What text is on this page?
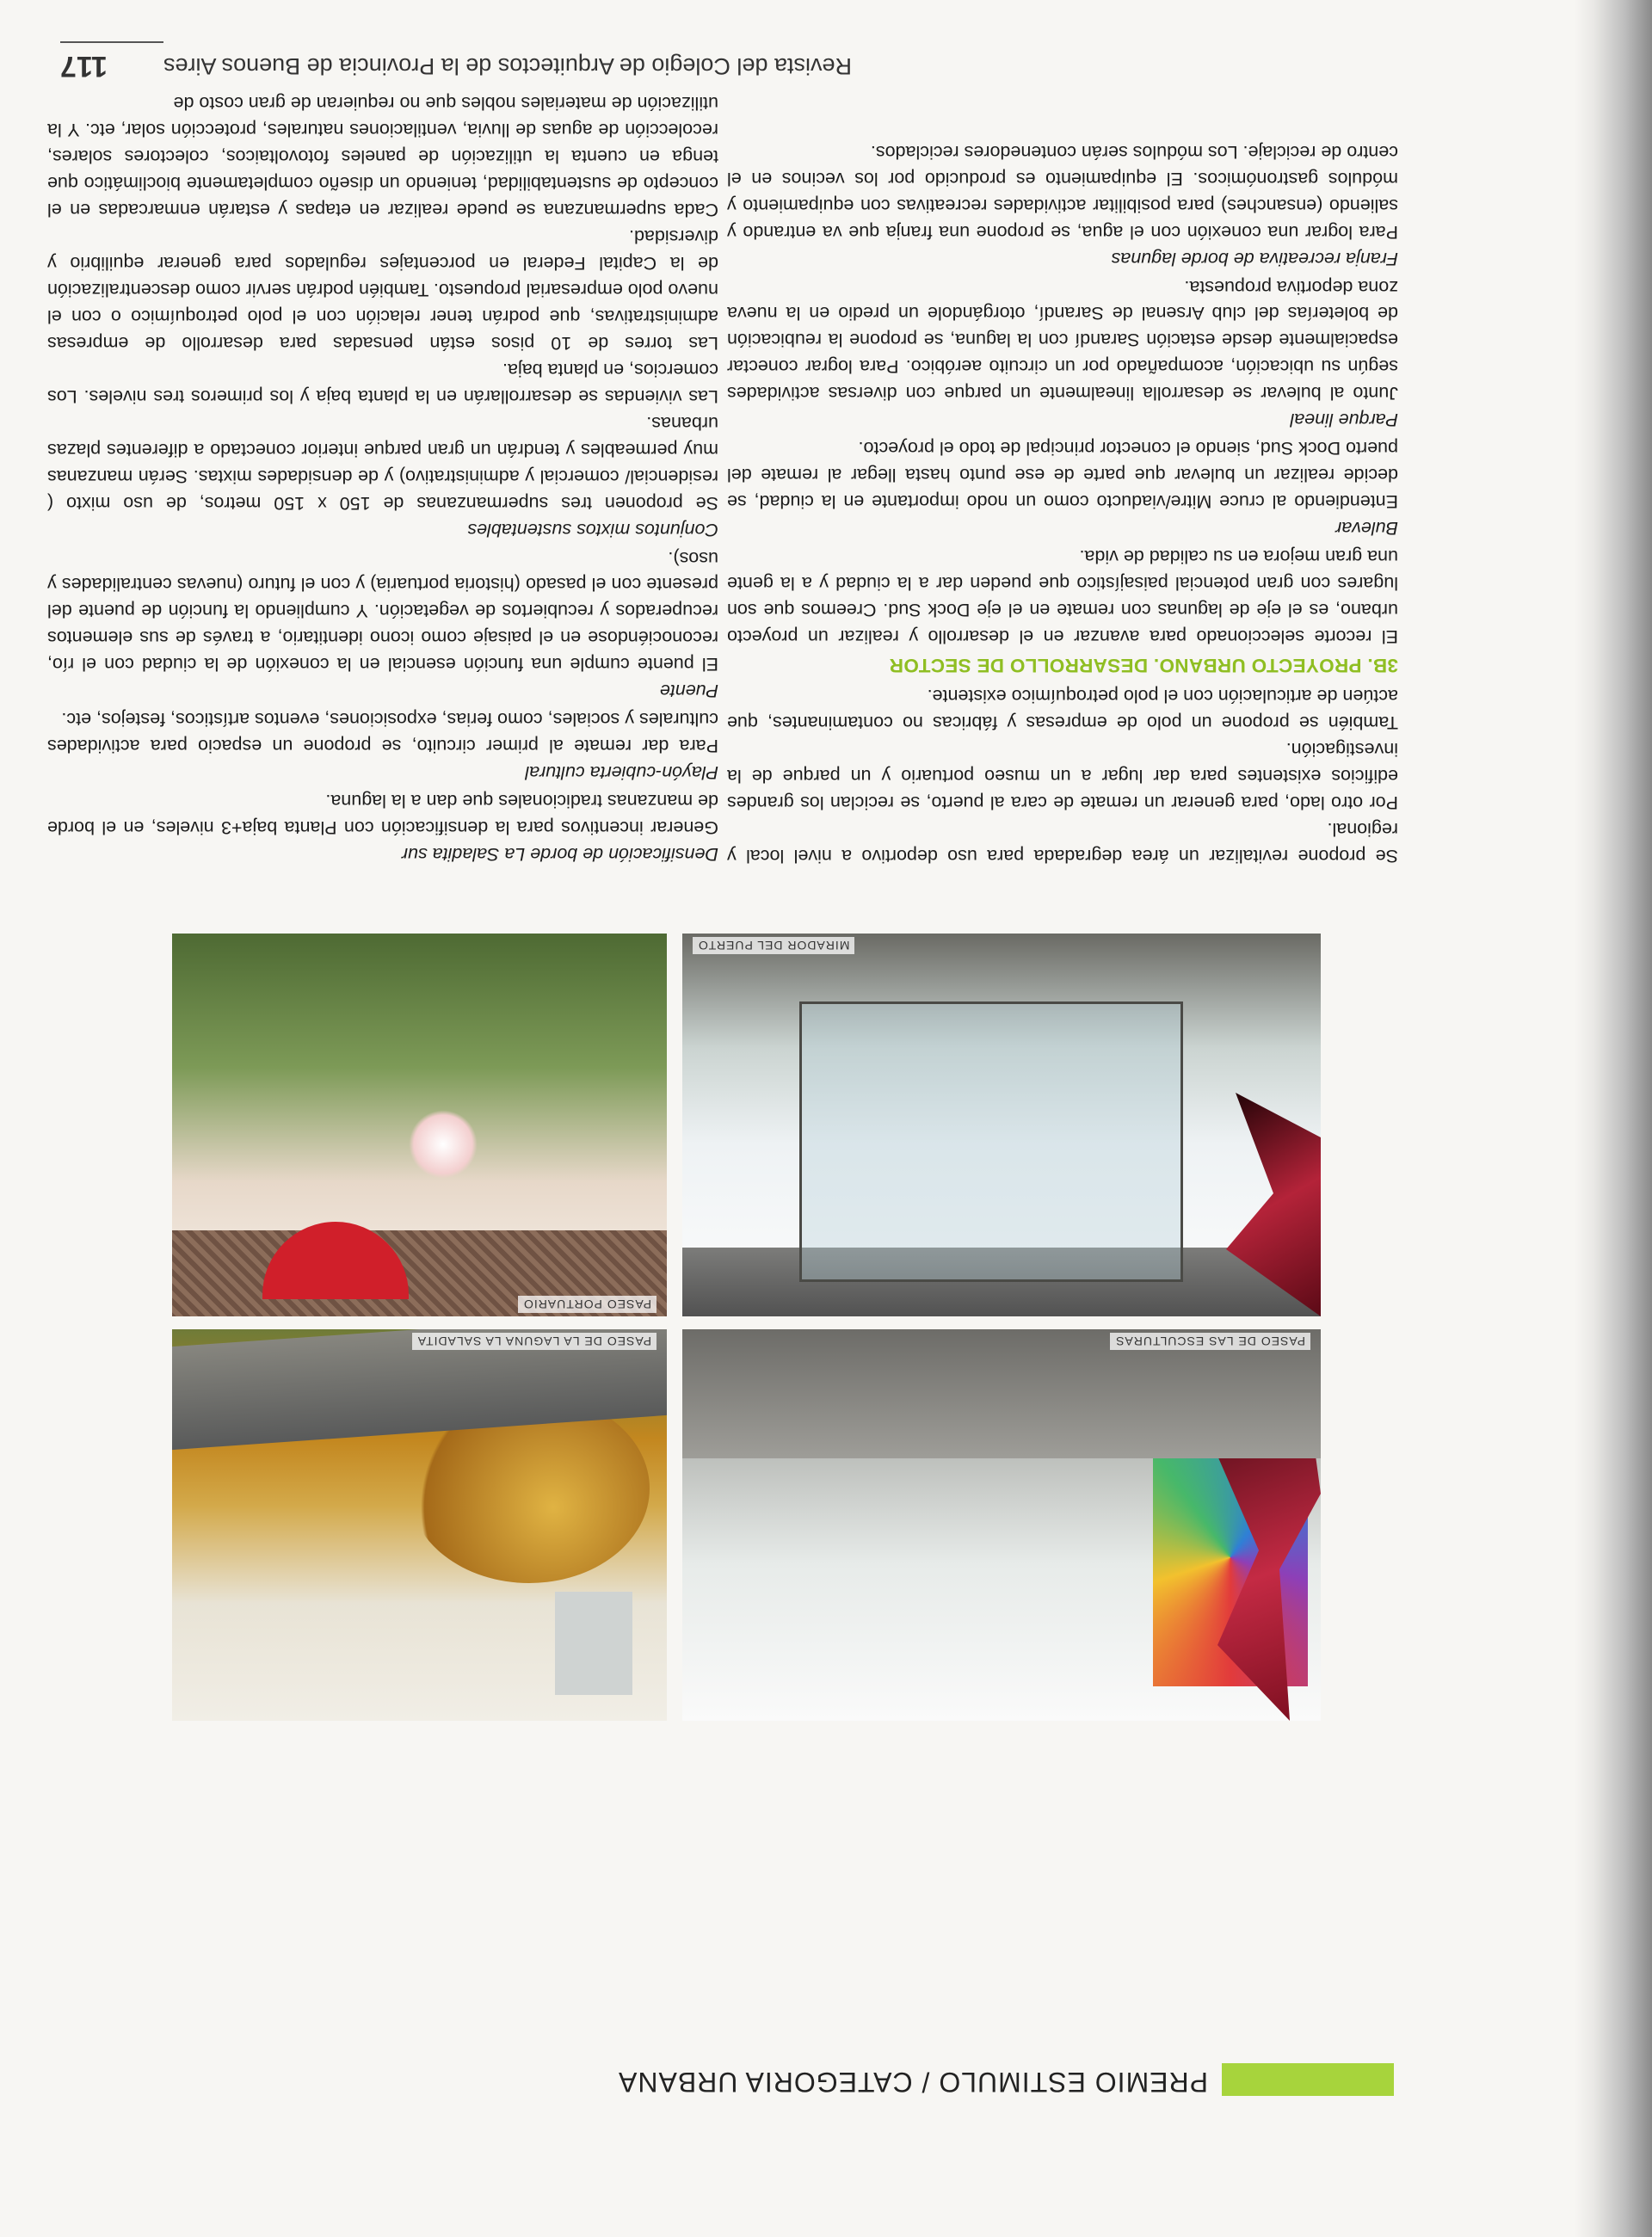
PREMIO ESTIMULO / CATEGORIA URBANA
PASEO DE LA LAGUNA LA SALADITA	PASEO DE LAS ESCULTURAS
PASEO PORTUARIO
MIRADOR DEL PUERTO

Se propone revitalizar un área degradada para uso deportivo a nivel local y regional.

Por otro lado, para generar un remate de cara al puerto, se reciclan los grandes edificios existentes para dar lugar a un museo portuario y un parque de la investigación.

También se propone un polo de empresas y fábricas no contaminantes, que actúen de articulación con el polo petroquímico existente.

3B. PROYECTO URBANO. DESARROLLO DE SECTOR

El recorte seleccionado para avanzar en el desarrollo y realizar un proyecto urbano, es el eje de lagunas con remate en el eje Dock Sud. Creemos que son lugares con gran potencial paisajístico que pueden dar a la ciudad y a la gente una gran mejora en su calidad de vida.

Bulevar

Entendiendo al cruce Mitre/viaducto como un nodo importante en la ciudad, se decide realizar un bulevar que parte de ese punto hasta llegar al remate del puerto Dock Sud, siendo el conector principal de todo el proyecto.

Parque lineal

Junto al bulevar se desarrolla linealmente un parque con diversas actividades según su ubicación, acompañado por un circuito aeróbico. Para lograr conectar espacialmente desde estación Sarandí con la laguna, se propone la reubicación de boleterías del club Arsenal de Sarandí, otorgándole un predio en la nueva zona deportiva propuesta.

Franja recreativa de borde lagunas

Para lograr una conexión con el agua, se propone una franja que va entrando y saliendo (ensanches) para posibilitar actividades recreativas con equipamiento y módulos gastronómicos. El equipamiento es producido por los vecinos en el centro de reciclaje. Los módulos serán contenedores reciclados.

Densificación de borde La Saladita sur

Generar incentivos para la densificación con Planta baja+3 niveles, en el borde de manzanas tradicionales que dan a la laguna.

Playón-cubierta cultural

Para dar remate al primer circuito, se propone un espacio para actividades culturales y sociales, como ferias, exposiciones, eventos artísticos, festejos, etc.

Puente

El puente cumple una función esencial en la conexión de la ciudad con el río, reconociéndose en el paisaje como icono identitario, a través de sus elementos recuperados y recubiertos de vegetación. Y cumpliendo la función de puente del presente con el pasado (historia portuaria) y con el futuro (nuevas centralidades y usos).

Conjuntos mixtos sustentables

Se proponen tres supermanzanas de 150 x 150 metros, de uso mixto ( residencial/ comercial y administrativo) y de densidades mixtas. Serán manzanas muy permeables y tendrán un gran parque interior conectado a diferentes plazas urbanas.

Las viviendas se desarrollarán en la planta baja y los primeros tres niveles. Los comercios, en planta baja.

Las torres de 10 pisos están pensadas para desarrollo de empresas administrativas, que podrán tener relación con el polo petroquímico o con el nuevo polo empresarial propuesto. También podrán servir como descentralización de la Capital Federal en porcentajes regulados para generar equilibrio y diversidad.

Cada supermanzana se puede realizar en etapas y estarán enmarcadas en el concepto de sustentabilidad, teniendo un diseño completamente bioclimático que tenga en cuenta la utilización de paneles fotovoltaicos, colectores solares, recolección de aguas de lluvia, ventilaciones naturales, protección solar, etc. Y la utilización de materiales nobles que no requieran de gran costo de

Revista del Colegio de Arquitectos de la Provincia de Buenos Aires
117
